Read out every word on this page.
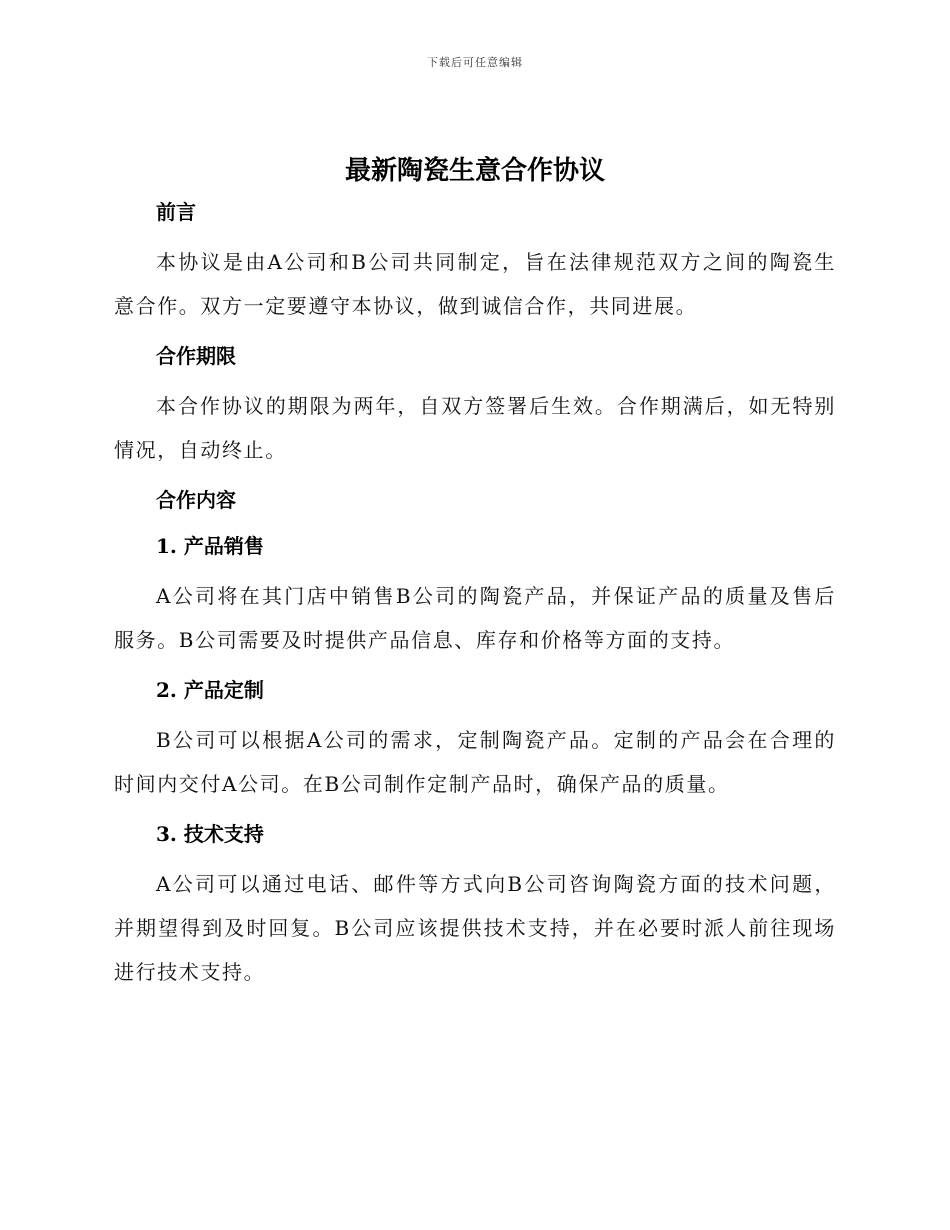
下载后可任意编辑
最新陶瓷生意合作协议
前言

本协议是由A公司和B公司共同制定，旨在法律规范双方之间的陶瓷生意合作。双方一定要遵守本协议，做到诚信合作，共同进展。

合作期限

本合作协议的期限为两年，自双方签署后生效。合作期满后，如无特别情况，自动终止。

合作内容
1. 产品销售

A公司将在其门店中销售B公司的陶瓷产品，并保证产品的质量及售后服务。B公司需要及时提供产品信息、库存和价格等方面的支持。

2. 产品定制

B公司可以根据A公司的需求，定制陶瓷产品。定制的产品会在合理的时间内交付A公司。在B公司制作定制产品时，确保产品的质量。

3. 技术支持

A公司可以通过电话、邮件等方式向B公司咨询陶瓷方面的技术问题，并期望得到及时回复。B公司应该提供技术支持，并在必要时派人前往现场进行技术支持。
